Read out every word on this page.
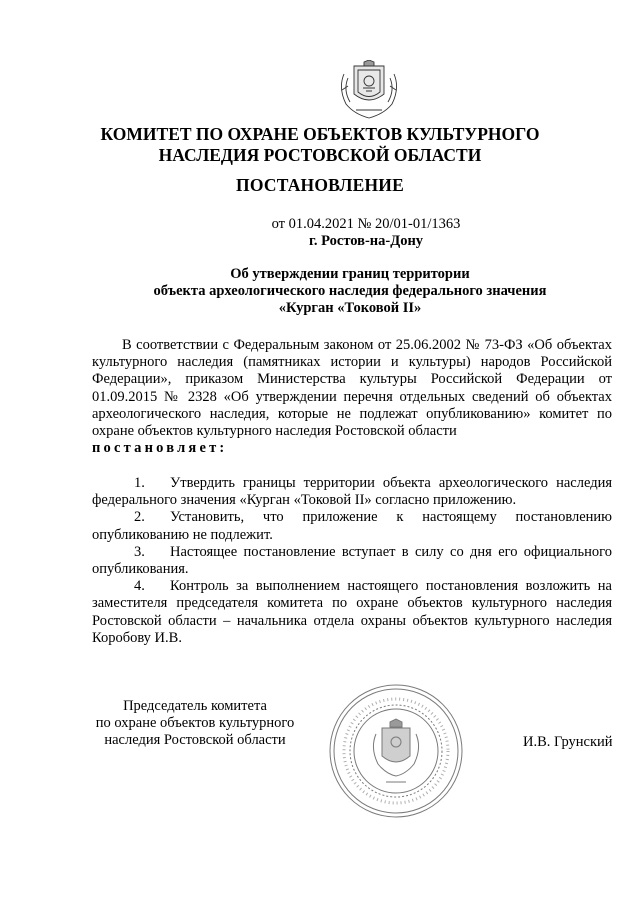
КОМИТЕТ ПО ОХРАНЕ ОБЪЕКТОВ КУЛЬТУРНОГО
НАСЛЕДИЯ РОСТОВСКОЙ ОБЛАСТИ
ПОСТАНОВЛЕНИЕ
от 01.04.2021 № 20/01-01/1363
г. Ростов-на-Дону
Об утверждении границ территории
объекта археологического наследия федерального значения
«Курган «Токовой II»
В соответствии с Федеральным законом от 25.06.2002 № 73-ФЗ «Об объектах культурного наследия (памятниках истории и культуры) народов Российской Федерации», приказом Министерства культуры Российской Федерации от 01.09.2015 № 2328 «Об утверждении перечня отдельных сведений об объектах археологического наследия, которые не подлежат опубликованию» комитет по охране объектов культурного наследия Ростовской области
постановляет:
1. Утвердить границы территории объекта археологического наследия федерального значения «Курган «Токовой II» согласно приложению.
2. Установить, что приложение к настоящему постановлению опубликованию не подлежит.
3. Настоящее постановление вступает в силу со дня его официального опубликования.
4. Контроль за выполнением настоящего постановления возложить на заместителя председателя комитета по охране объектов культурного наследия Ростовской области – начальника отдела охраны объектов культурного наследия Коробову И.В.
Председатель комитета
по охране объектов культурного
наследия Ростовской области	И.В. Грунский
